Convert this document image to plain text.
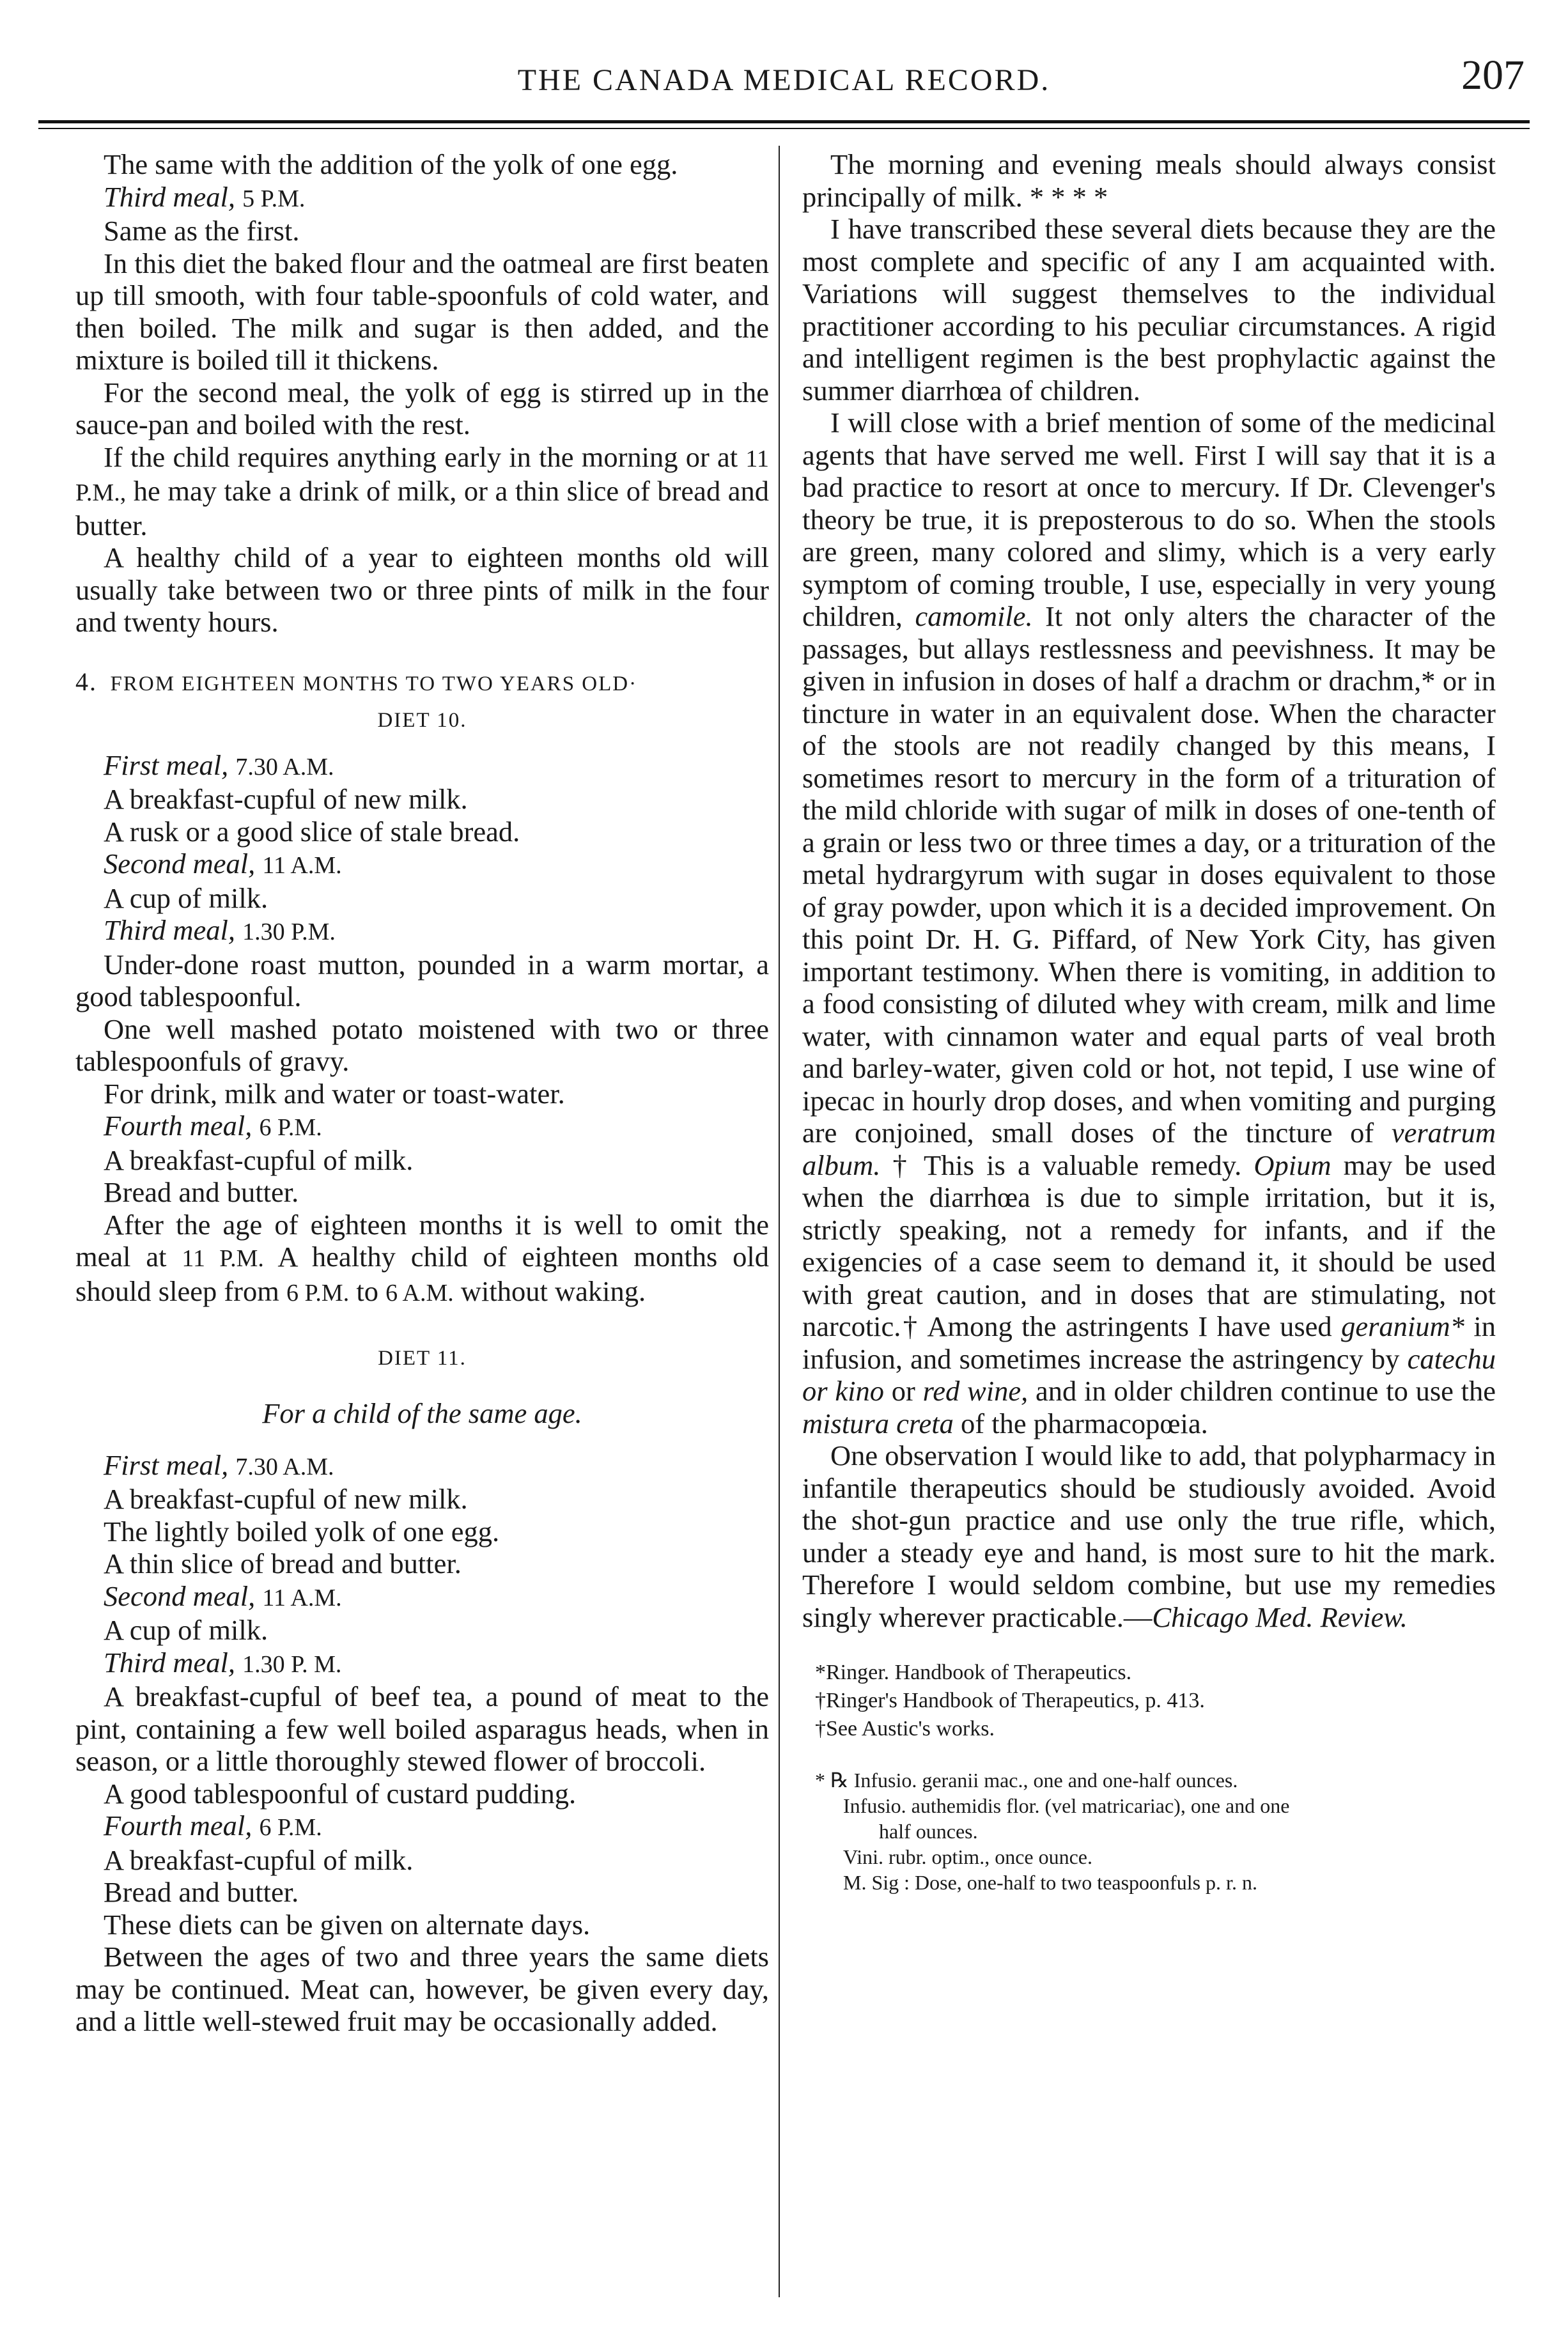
THE CANADA MEDICAL RECORD.	207

The same with the addition of the yolk of one egg.

Third meal, 5 P.M.

Same as the first.

In this diet the baked flour and the oatmeal are first beaten up till smooth, with four table-spoonfuls of cold water, and then boiled. The milk and sugar is then added, and the mixture is boiled till it thickens.

For the second meal, the yolk of egg is stirred up in the sauce-pan and boiled with the rest.

If the child requires anything early in the morning or at 11 P.M., he may take a drink of milk, or a thin slice of bread and butter.

A healthy child of a year to eighteen months old will usually take between two or three pints of milk in the four and twenty hours.

4. FROM EIGHTEEN MONTHS TO TWO YEARS OLD·

DIET 10.

First meal, 7.30 A.M.

A breakfast-cupful of new milk.

A rusk or a good slice of stale bread.

Second meal, 11 A.M.

A cup of milk.

Third meal, 1.30 P.M.

Under-done roast mutton, pounded in a warm mortar, a good tablespoonful.

One well mashed potato moistened with two or three tablespoonfuls of gravy.

For drink, milk and water or toast-water.

Fourth meal, 6 P.M.

A breakfast-cupful of milk.

Bread and butter.

After the age of eighteen months it is well to omit the meal at 11 P.M. A healthy child of eighteen months old should sleep from 6 P.M. to 6 A.M. without waking.

DIET 11.

For a child of the same age.

First meal, 7.30 A.M.

A breakfast-cupful of new milk.

The lightly boiled yolk of one egg.

A thin slice of bread and butter.

Second meal, 11 A.M.

A cup of milk.

Third meal, 1.30 P. M.

A breakfast-cupful of beef tea, a pound of meat to the pint, containing a few well boiled asparagus heads, when in season, or a little thoroughly stewed flower of broccoli.

A good tablespoonful of custard pudding.

Fourth meal, 6 P.M.

A breakfast-cupful of milk.

Bread and butter.

These diets can be given on alternate days.

Between the ages of two and three years the same diets may be continued. Meat can, however, be given every day, and a little well-stewed fruit may be occasionally added.

The morning and evening meals should always consist principally of milk. * * * *

I have transcribed these several diets because they are the most complete and specific of any I am acquainted with. Variations will suggest themselves to the individual practitioner according to his peculiar circumstances. A rigid and intelligent regimen is the best prophylactic against the summer diarrhœa of children.

I will close with a brief mention of some of the medicinal agents that have served me well. First I will say that it is a bad practice to resort at once to mercury. If Dr. Clevenger's theory be true, it is preposterous to do so. When the stools are green, many colored and slimy, which is a very early symptom of coming trouble, I use, especially in very young children, camomile. It not only alters the character of the passages, but allays restlessness and peevishness. It may be given in infusion in doses of half a drachm or drachm,* or in tincture in water in an equivalent dose. When the character of the stools are not readily changed by this means, I sometimes resort to mercury in the form of a trituration of the mild chloride with sugar of milk in doses of one-tenth of a grain or less two or three times a day, or a trituration of the metal hydrargyrum with sugar in doses equivalent to those of gray powder, upon which it is a decided improvement. On this point Dr. H. G. Piffard, of New York City, has given important testimony. When there is vomiting, in addition to a food consisting of diluted whey with cream, milk and lime water, with cinnamon water and equal parts of veal broth and barley-water, given cold or hot, not tepid, I use wine of ipecac in hourly drop doses, and when vomiting and purging are conjoined, small doses of the tincture of veratrum album. † This is a valuable remedy. Opium may be used when the diarrhœa is due to simple irritation, but it is, strictly speaking, not a remedy for infants, and if the exigencies of a case seem to demand it, it should be used with great caution, and in doses that are stimulating, not narcotic.† Among the astringents I have used geranium* in infusion, and sometimes increase the astringency by catechu or kino or red wine, and in older children continue to use the mistura creta of the pharmacopœia.

One observation I would like to add, that polypharmacy in infantile therapeutics should be studiously avoided. Avoid the shot-gun practice and use only the true rifle, which, under a steady eye and hand, is most sure to hit the mark. Therefore I would seldom combine, but use my remedies singly wherever practicable.—Chicago Med. Review.

*Ringer. Handbook of Therapeutics.

†Ringer's Handbook of Therapeutics, p. 413.

†See Austic's works.

* ℞ Infusio. geranii mac., one and one-half ounces.

Infusio. authemidis flor. (vel matricariac), one and one

half ounces.

Vini. rubr. optim., once ounce.

M. Sig : Dose, one-half to two teaspoonfuls p. r. n.
